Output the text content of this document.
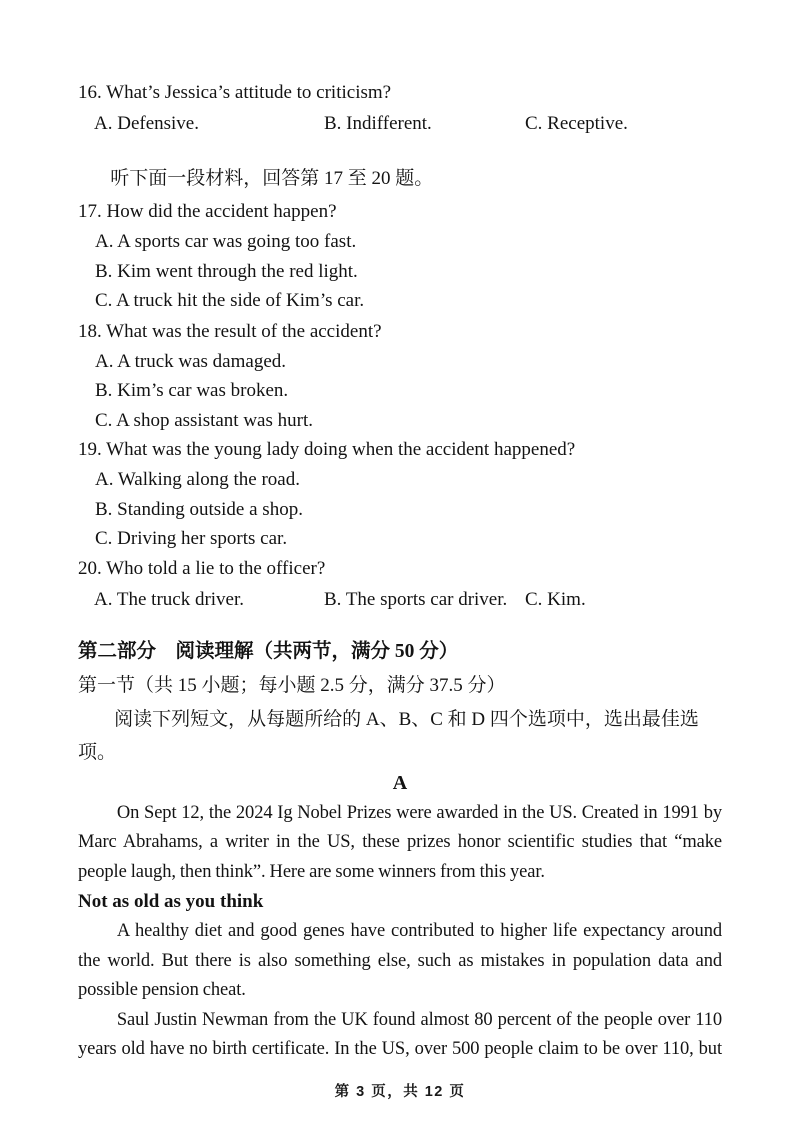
16. What’s Jessica’s attitude to criticism?
A. Defensive.	B. Indifferent.	C. Receptive.
听下面一段材料，回答第 17 至 20 题。
17. How did the accident happen?
A. A sports car was going too fast.
B. Kim went through the red light.
C. A truck hit the side of Kim’s car.
18. What was the result of the accident?
A. A truck was damaged.
B. Kim’s car was broken.
C. A shop assistant was hurt.
19. What was the young lady doing when the accident happened?
A. Walking along the road.
B. Standing outside a shop.
C. Driving her sports car.
20. Who told a lie to the officer?
A. The truck driver.	B. The sports car driver. C. Kim.
第二部分　阅读理解（共两节，满分 50 分）
第一节（共 15 小题；每小题 2.5 分，满分 37.5 分）
阅读下列短文，从每题所给的 A、B、C 和 D 四个选项中，选出最佳选项。
A

On Sept 12, the 2024 Ig Nobel Prizes were awarded in the US. Created in 1991 by Marc Abrahams, a writer in the US, these prizes honor scientific studies that “make people laugh, then think”. Here are some winners from this year.

Not as old as you think

A healthy diet and good genes have contributed to higher life expectancy around the world. But there is also something else, such as mistakes in population data and possible pension cheat.

Saul Justin Newman from the UK found almost 80 percent of the people over 110 years old have no birth certificate. In the US, over 500 people claim to be over 110, but

第 3 页，共 12 页
